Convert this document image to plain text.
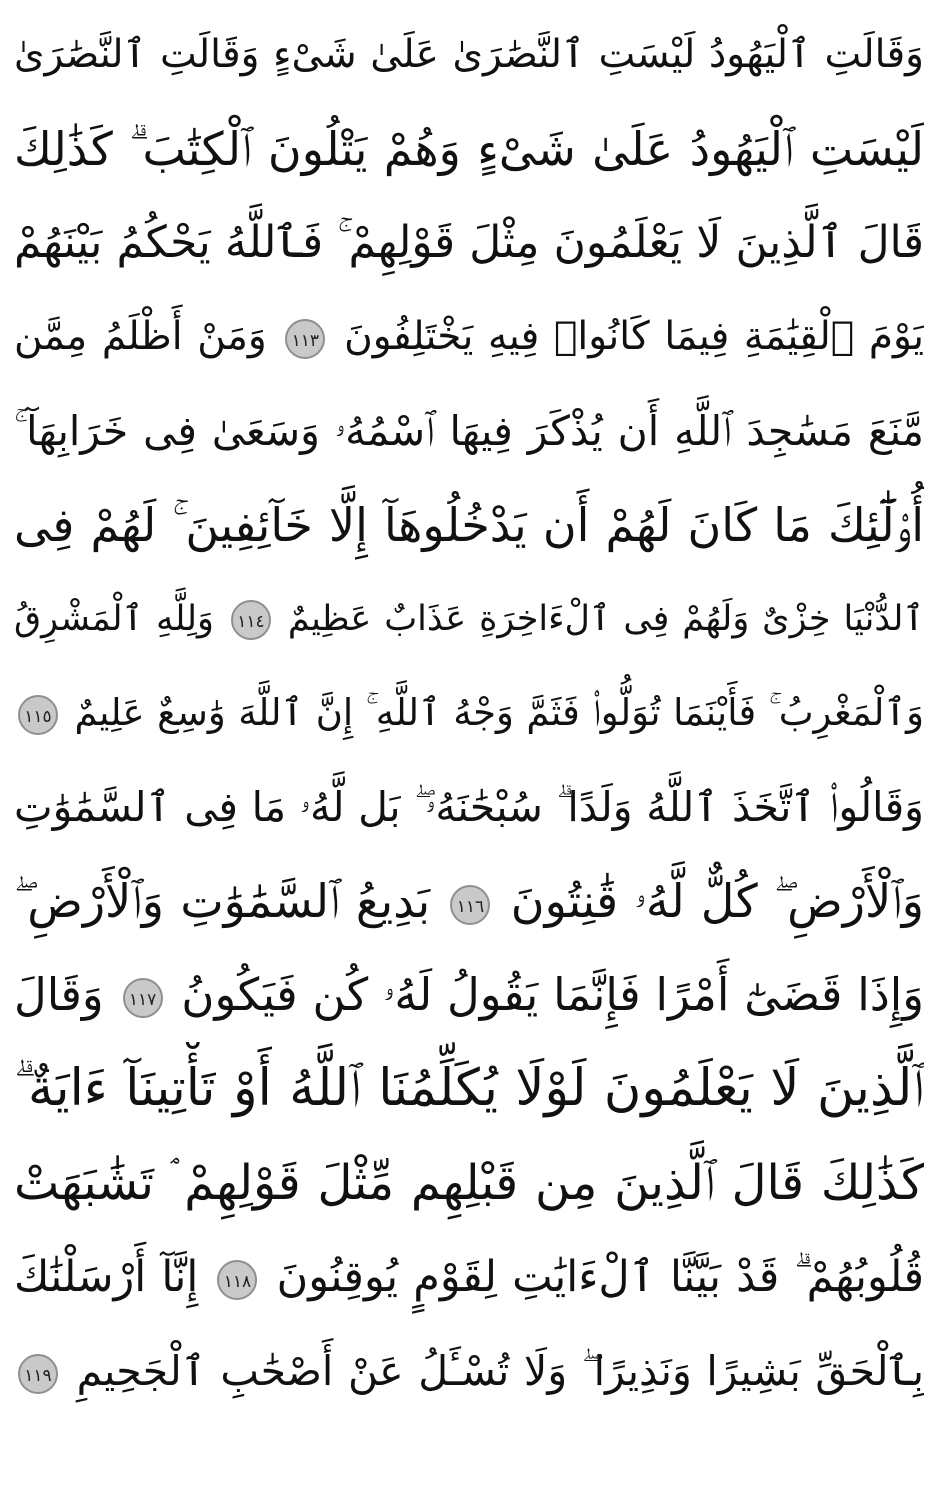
وَقَالَتِ ٱلْيَهُودُ لَيْسَتِ ٱلنَّصَٰرَىٰ عَلَىٰ شَىْءٍ وَقَالَتِ ٱلنَّصَٰرَىٰ
لَيْسَتِ ٱلْيَهُودُ عَلَىٰ شَىْءٍ وَهُمْ يَتْلُونَ ٱلْكِتَٰبَ ۗ كَذَٰلِكَ
قَالَ ٱلَّذِينَ لَا يَعْلَمُونَ مِثْلَ قَوْلِهِمْ ۚ فَٱللَّهُ يَحْكُمُ بَيْنَهُمْ
يَوْمَ ٱلْقِيَٰمَةِ فِيمَا كَانُوا۟ فِيهِ يَخْتَلِفُونَ ١١٣ وَمَنْ أَظْلَمُ مِمَّن
مَّنَعَ مَسَٰجِدَ ٱللَّهِ أَن يُذْكَرَ فِيهَا ٱسْمُهُۥ وَسَعَىٰ فِى خَرَابِهَآ ۚ
أُو۟لَٰٓئِكَ مَا كَانَ لَهُمْ أَن يَدْخُلُوهَآ إِلَّا خَآئِفِينَ ۚ لَهُمْ فِى
ٱلدُّنْيَا خِزْىٌ وَلَهُمْ فِى ٱلْءَاخِرَةِ عَذَابٌ عَظِيمٌ ١١٤ وَلِلَّهِ ٱلْمَشْرِقُ
وَٱلْمَغْرِبُ ۚ فَأَيْنَمَا تُوَلُّوا۟ فَثَمَّ وَجْهُ ٱللَّهِ ۚ إِنَّ ٱللَّهَ وَٰسِعٌ عَلِيمٌ ١١٥
وَقَالُوا۟ ٱتَّخَذَ ٱللَّهُ وَلَدًا ۗ سُبْحَٰنَهُۥ ۖ بَل لَّهُۥ مَا فِى ٱلسَّمَٰوَٰتِ
وَٱلْأَرْضِ ۖ كُلٌّ لَّهُۥ قَٰنِتُونَ ١١٦ بَدِيعُ ٱلسَّمَٰوَٰتِ وَٱلْأَرْضِ ۖ
وَإِذَا قَضَىٰٓ أَمْرًا فَإِنَّمَا يَقُولُ لَهُۥ كُن فَيَكُونُ ١١٧ وَقَالَ
ٱلَّذِينَ لَا يَعْلَمُونَ لَوْلَا يُكَلِّمُنَا ٱللَّهُ أَوْ تَأْتِينَآ ءَايَةٌ ۗ
كَذَٰلِكَ قَالَ ٱلَّذِينَ مِن قَبْلِهِم مِّثْلَ قَوْلِهِمْ ۘ تَشَٰبَهَتْ
قُلُوبُهُمْ ۗ قَدْ بَيَّنَّا ٱلْءَايَٰتِ لِقَوْمٍ يُوقِنُونَ ١١٨ إِنَّآ أَرْسَلْنَٰكَ
بِٱلْحَقِّ بَشِيرًا وَنَذِيرًا ۖ وَلَا تُسْـَٔلُ عَنْ أَصْحَٰبِ ٱلْجَحِيمِ ١١٩
